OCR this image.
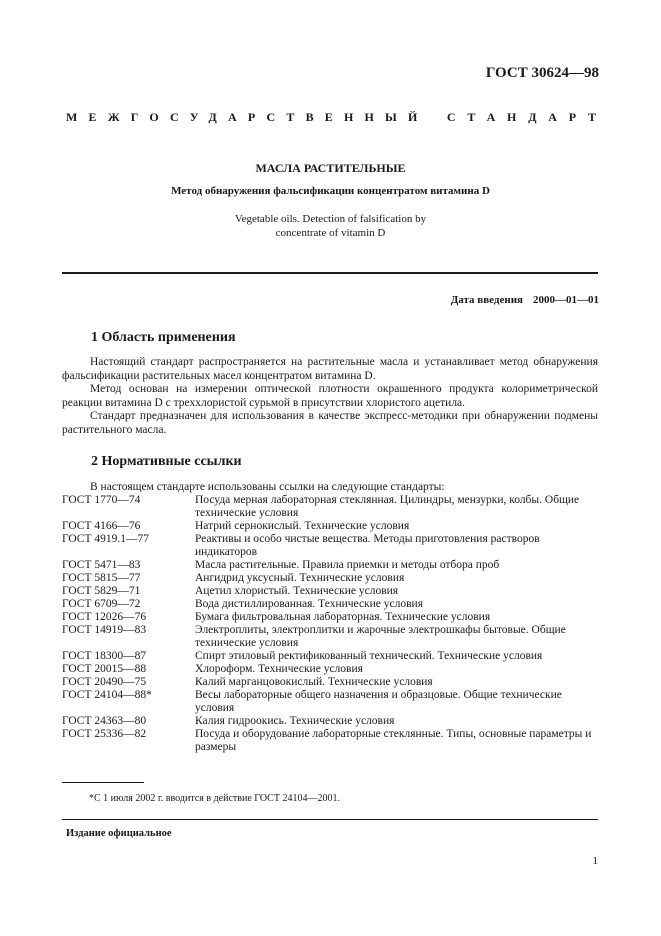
ГОСТ 30624—98
МЕЖГОСУДАРСТВЕННЫЙ СТАНДАРТ
МАСЛА РАСТИТЕЛЬНЫЕ
Метод обнаружения фальсификации концентратом витамина D
Vegetable oils. Detection of falsification by
concentrate of vitamin D
Дата введения 2000—01—01
1 Область применения

Настоящий стандарт распространяется на растительные масла и устанавливает метод обнаружения фальсификации растительных масел концентратом витамина D.

Метод основан на измерении оптической плотности окрашенного продукта колориметрической реакции витамина D с треххлористой сурьмой в присутствии хлористого ацетила.

Стандарт предназначен для использования в качестве экспресс-методики при обнаружении подмены растительного масла.

2 Нормативные ссылки
В настоящем стандарте использованы ссылки на следующие стандарты:
ГОСТ 1770—74	Посуда мерная лабораторная стеклянная. Цилиндры, мензурки, колбы. Общие технические условия
ГОСТ 4166—76	Натрий сернокислый. Технические условия
ГОСТ 4919.1—77	Реактивы и особо чистые вещества. Методы приготовления растворов индикаторов
ГОСТ 5471—83	Масла растительные. Правила приемки и методы отбора проб
ГОСТ 5815—77	Ангидрид уксусный. Технические условия
ГОСТ 5829—71	Ацетил хлористый. Технические условия
ГОСТ 6709—72	Вода дистиллированная. Технические условия
ГОСТ 12026—76	Бумага фильтровальная лабораторная. Технические условия
ГОСТ 14919—83	Электроплиты, электроплитки и жарочные электрошкафы бытовые. Общие технические условия
ГОСТ 18300—87	Спирт этиловый ректификованный технический. Технические условия
ГОСТ 20015—88	Хлороформ. Технические условия
ГОСТ 20490—75	Калий марганцовокислый. Технические условия
ГОСТ 24104—88*	Весы лабораторные общего назначения и образцовые. Общие технические условия
ГОСТ 24363—80	Калия гидроокись. Технические условия
ГОСТ 25336—82	Посуда и оборудование лабораторные стеклянные. Типы, основные параметры и размеры
*С 1 июля 2002 г. вводится в действие ГОСТ 24104—2001.
Издание официальное
1
